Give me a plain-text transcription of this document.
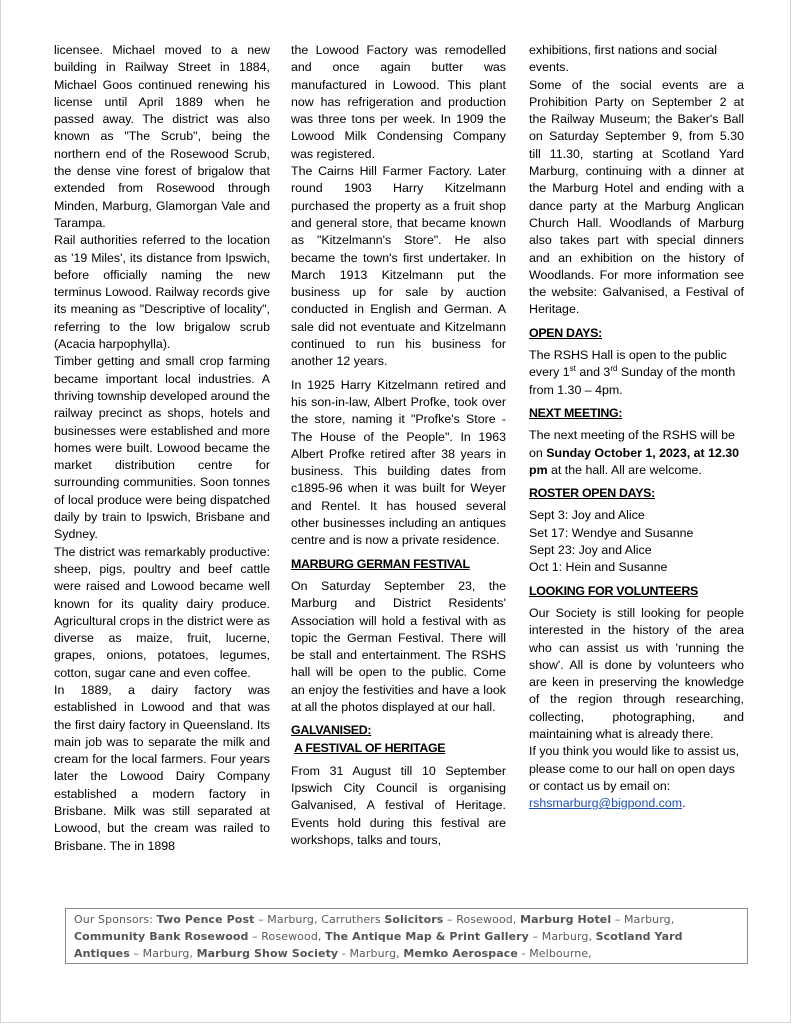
licensee. Michael moved to a new building in Railway Street in 1884, Michael Goos continued renewing his license until April 1889 when he passed away. The district was also known as "The Scrub", being the northern end of the Rosewood Scrub, the dense vine forest of brigalow that extended from Rosewood through Minden, Marburg, Glamorgan Vale and Tarampa.

Rail authorities referred to the location as '19 Miles', its distance from Ipswich, before officially naming the new terminus Lowood. Railway records give its meaning as "Descriptive of locality", referring to the low brigalow scrub (Acacia harpophylla).

Timber getting and small crop farming became important local industries. A thriving township developed around the railway precinct as shops, hotels and businesses were established and more homes were built. Lowood became the market distribution centre for surrounding communities. Soon tonnes of local produce were being dispatched daily by train to Ipswich, Brisbane and Sydney.

The district was remarkably productive: sheep, pigs, poultry and beef cattle were raised and Lowood became well known for its quality dairy produce. Agricultural crops in the district were as diverse as maize, fruit, lucerne, grapes, onions, potatoes, legumes, cotton, sugar cane and even coffee.

In 1889, a dairy factory was established in Lowood and that was the first dairy factory in Queensland. Its main job was to separate the milk and cream for the local farmers. Four years later the Lowood Dairy Company established a modern factory in Brisbane. Milk was still separated at Lowood, but the cream was railed to Brisbane. The in 1898

the Lowood Factory was remodelled and once again butter was manufactured in Lowood. This plant now has refrigeration and production was three tons per week. In 1909 the Lowood Milk Condensing Company was registered.

The Cairns Hill Farmer Factory. Later round 1903 Harry Kitzelmann purchased the property as a fruit shop and general store, that became known as "Kitzelmann's Store". He also became the town's first undertaker. In March 1913 Kitzelmann put the business up for sale by auction conducted in English and German. A sale did not eventuate and Kitzelmann continued to run his business for another 12 years.

In 1925 Harry Kitzelmann retired and his son-in-law, Albert Profke, took over the store, naming it "Profke's Store - The House of the People". In 1963 Albert Profke retired after 38 years in business. This building dates from c1895-96 when it was built for Weyer and Rentel. It has housed several other businesses including an antiques centre and is now a private residence.

MARBURG GERMAN FESTIVAL

On Saturday September 23, the Marburg and District Residents' Association will hold a festival with as topic the German Festival. There will be stall and entertainment. The RSHS hall will be open to the public. Come an enjoy the festivities and have a look at all the photos displayed at our hall.

GALVANISED:
A FESTIVAL OF HERITAGE

From 31 August till 10 September Ipswich City Council is organising Galvanised, A festival of Heritage. Events hold during this festival are workshops, talks and tours,

exhibitions, first nations and social events.

Some of the social events are a Prohibition Party on September 2 at the Railway Museum; the Baker's Ball on Saturday September 9, from 5.30 till 11.30, starting at Scotland Yard Marburg, continuing with a dinner at the Marburg Hotel and ending with a dance party at the Marburg Anglican Church Hall. Woodlands of Marburg also takes part with special dinners and an exhibition on the history of Woodlands. For more information see the website: Galvanised, a Festival of Heritage.

OPEN DAYS:

The RSHS Hall is open to the public every 1st and 3rd Sunday of the month from 1.30 – 4pm.

NEXT MEETING:

The next meeting of the RSHS will be on Sunday October 1, 2023, at 12.30 pm at the hall. All are welcome.

ROSTER OPEN DAYS:
Sept 3: Joy and Alice
Set 17: Wendye and Susanne
Sept 23: Joy and Alice
Oct 1: Hein and Susanne
LOOKING FOR VOLUNTEERS

Our Society is still looking for people interested in the history of the area who can assist us with 'running the show'. All is done by volunteers who are keen in preserving the knowledge of the region through researching, collecting, photographing, and maintaining what is already there.

If you think you would like to assist us, please come to our hall on open days or contact us by email on:

rshsmarburg@bigpond.com.

Our Sponsors: Two Pence Post – Marburg, Carruthers Solicitors – Rosewood, Marburg Hotel – Marburg,
Community Bank Rosewood – Rosewood, The Antique Map & Print Gallery – Marburg, Scotland Yard Antiques – Marburg, Marburg Show Society - Marburg, Memko Aerospace - Melbourne,
